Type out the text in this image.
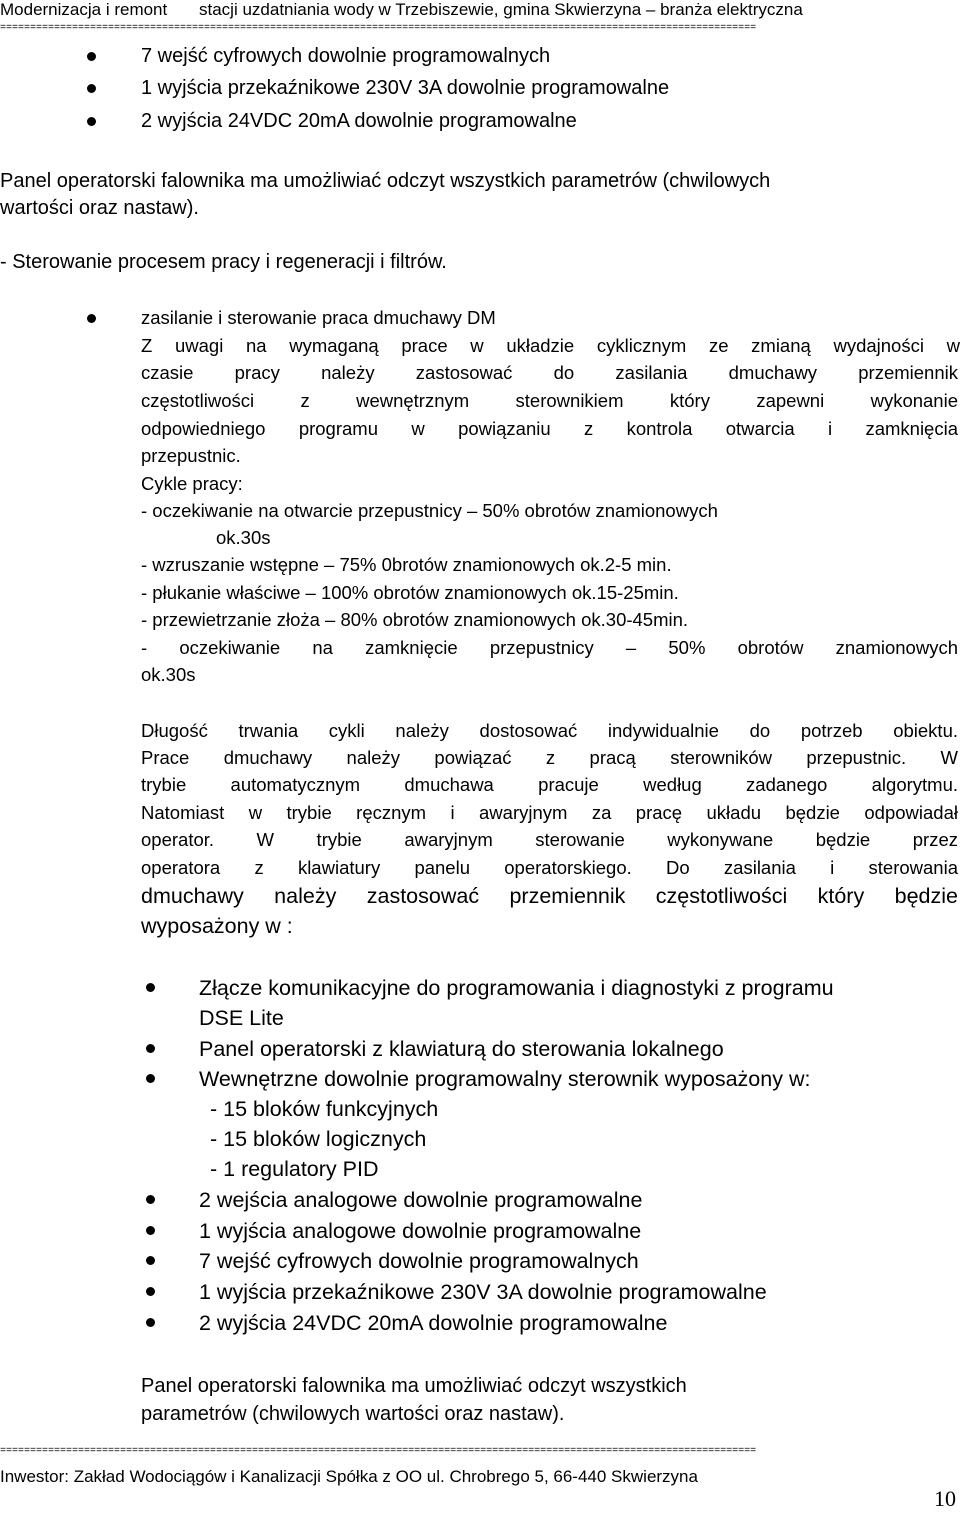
Modernizacja i remont stacji uzdatniania wody w Trzebiszewie, gmina Skwierzyna – branża elektryczna
==============================================================================================================================
7 wejść cyfrowych dowolnie programowalnych
1 wyjścia przekaźnikowe 230V 3A dowolnie programowalne
2 wyjścia 24VDC 20mA dowolnie programowalne
Panel operatorski falownika ma umożliwiać odczyt wszystkich parametrów (chwilowych
wartości oraz nastaw).
- Sterowanie procesem pracy i regeneracji i filtrów.
zasilanie i sterowanie praca dmuchawy DM
Z uwagi na wymaganą prace w układzie cyklicznym ze zmianą wydajności w
czasie pracy należy zastosować do zasilania dmuchawy przemiennik
częstotliwości z wewnętrznym sterownikiem który zapewni wykonanie
odpowiedniego programu w powiązaniu z kontrola otwarcia i zamknięcia
przepustnic.
Cykle pracy:
- oczekiwanie na otwarcie przepustnicy – 50% obrotów znamionowych
ok.30s
- wzruszanie wstępne – 75% 0brotów znamionowych ok.2-5 min.
- płukanie właściwe – 100% obrotów znamionowych ok.15-25min.
- przewietrzanie złoża – 80% obrotów znamionowych ok.30-45min.
- oczekiwanie na zamknięcie przepustnicy – 50% obrotów znamionowych
ok.30s
Długość trwania cykli należy dostosować indywidualnie do potrzeb obiektu.
Prace dmuchawy należy powiązać z pracą sterowników przepustnic. W
trybie automatycznym dmuchawa pracuje według zadanego algorytmu.
Natomiast w trybie ręcznym i awaryjnym za pracę układu będzie odpowiadał
operator. W trybie awaryjnym sterowanie wykonywane będzie przez
operatora z klawiatury panelu operatorskiego. Do zasilania i sterowania
dmuchawy należy zastosować przemiennik częstotliwości który będzie
wyposażony w :
Złącze komunikacyjne do programowania i diagnostyki z programu
DSE Lite
Panel operatorski z klawiaturą do sterowania lokalnego
Wewnętrzne dowolnie programowalny sterownik wyposażony w:
- 15 bloków funkcyjnych
- 15 bloków logicznych
- 1 regulatory PID
2 wejścia analogowe dowolnie programowalne
1 wyjścia analogowe dowolnie programowalne
7 wejść cyfrowych dowolnie programowalnych
1 wyjścia przekaźnikowe 230V 3A dowolnie programowalne
2 wyjścia 24VDC 20mA dowolnie programowalne
Panel operatorski falownika ma umożliwiać odczyt wszystkich
parametrów (chwilowych wartości oraz nastaw).
==============================================================================================================================
Inwestor: Zakład Wodociągów i Kanalizacji Spółka z OO ul. Chrobrego 5, 66-440 Skwierzyna
10
